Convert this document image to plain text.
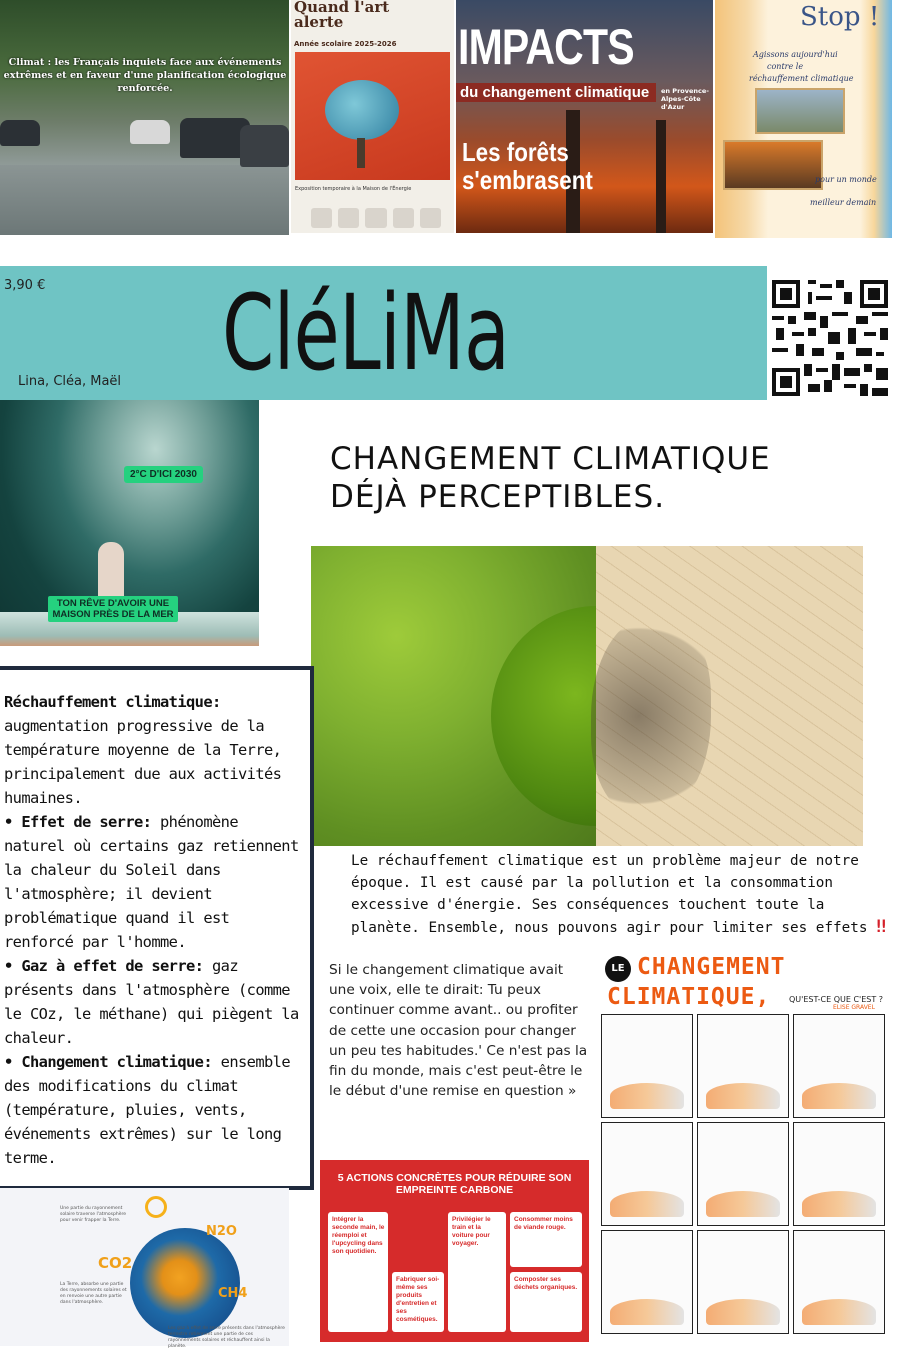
Climat : les Français inquiets face aux événements extrêmes et en faveur d'une planification écologique renforcée.
Quand l'art alerte
Année scolaire 2025-2026
Exposition temporaire à la Maison de l'Énergie
IMPACTS
du changement climatique	en Provence-Alpes-Côte d'Azur
Les forêts s'embrasent
Stop !
Agissons aujourd'hui
contre le
réchauffement climatique
pour un monde
meilleur demain
3,90 € CléLiMa
Lina, Cléa, Maël
2°C D'ICI 2030
TON RÊVE D'AVOIR UNE MAISON PRÈS DE LA MER
CHANGEMENT CLIMATIQUE
DÉJÀ PERCEPTIBLES.
Le réchauffement climatique est un problème majeur de notre époque. Il est causé par la pollution et la consommation excessive d'énergie. Ses conséquences touchent toute la planète. Ensemble, nous pouvons agir pour limiter ses effets ‼
Réchauffement climatique:
augmentation progressive de la température moyenne de la Terre, principalement due aux activités humaines.
• Effet de serre: phénomène naturel où certains gaz retiennent la chaleur du Soleil dans l'atmosphère; il devient problématique quand il est renforcé par l'homme.
• Gaz à effet de serre: gaz présents dans l'atmosphère (comme le COz, le méthane) qui piègent la chaleur.
• Changement climatique: ensemble des modifications du climat (température, pluies, vents, événements extrêmes) sur le long terme.
Si le changement climatique avait une voix, elle te dirait: Tu peux continuer comme avant.. ou profiter de cette une occasion pour changer un peu tes habitudes.' Ce n'est pas la fin du monde, mais c'est peut-être le le début d'une remise en question »
LE CHANGEMENT
CLIMATIQUE, QU'EST-CE QUE C'EST ?
ELISE GRAVEL
5 ACTIONS CONCRÈTES POUR RÉDUIRE SON EMPREINTE CARBONE
Intégrer la seconde main, le réemploi et l'upcycling dans son quotidien.
Fabriquer soi-même ses produits d'entretien et ses cosmétiques.
Privilégier le train et la voiture pour voyager.
Consommer moins de viande rouge.
Composter ses déchets organiques.
Une partie du rayonnement solaire traverse l'atmosphère pour venir frapper la Terre.
N2O
CO2
CH4
La Terre, absorbe une partie des rayonnements solaires et en renvoie une autre partie dans l'atmosphère.
Les gaz à effet de serre présents dans l'atmosphère terrestre retiennent une partie de ces rayonnements solaires et réchauffent ainsi la planète.
